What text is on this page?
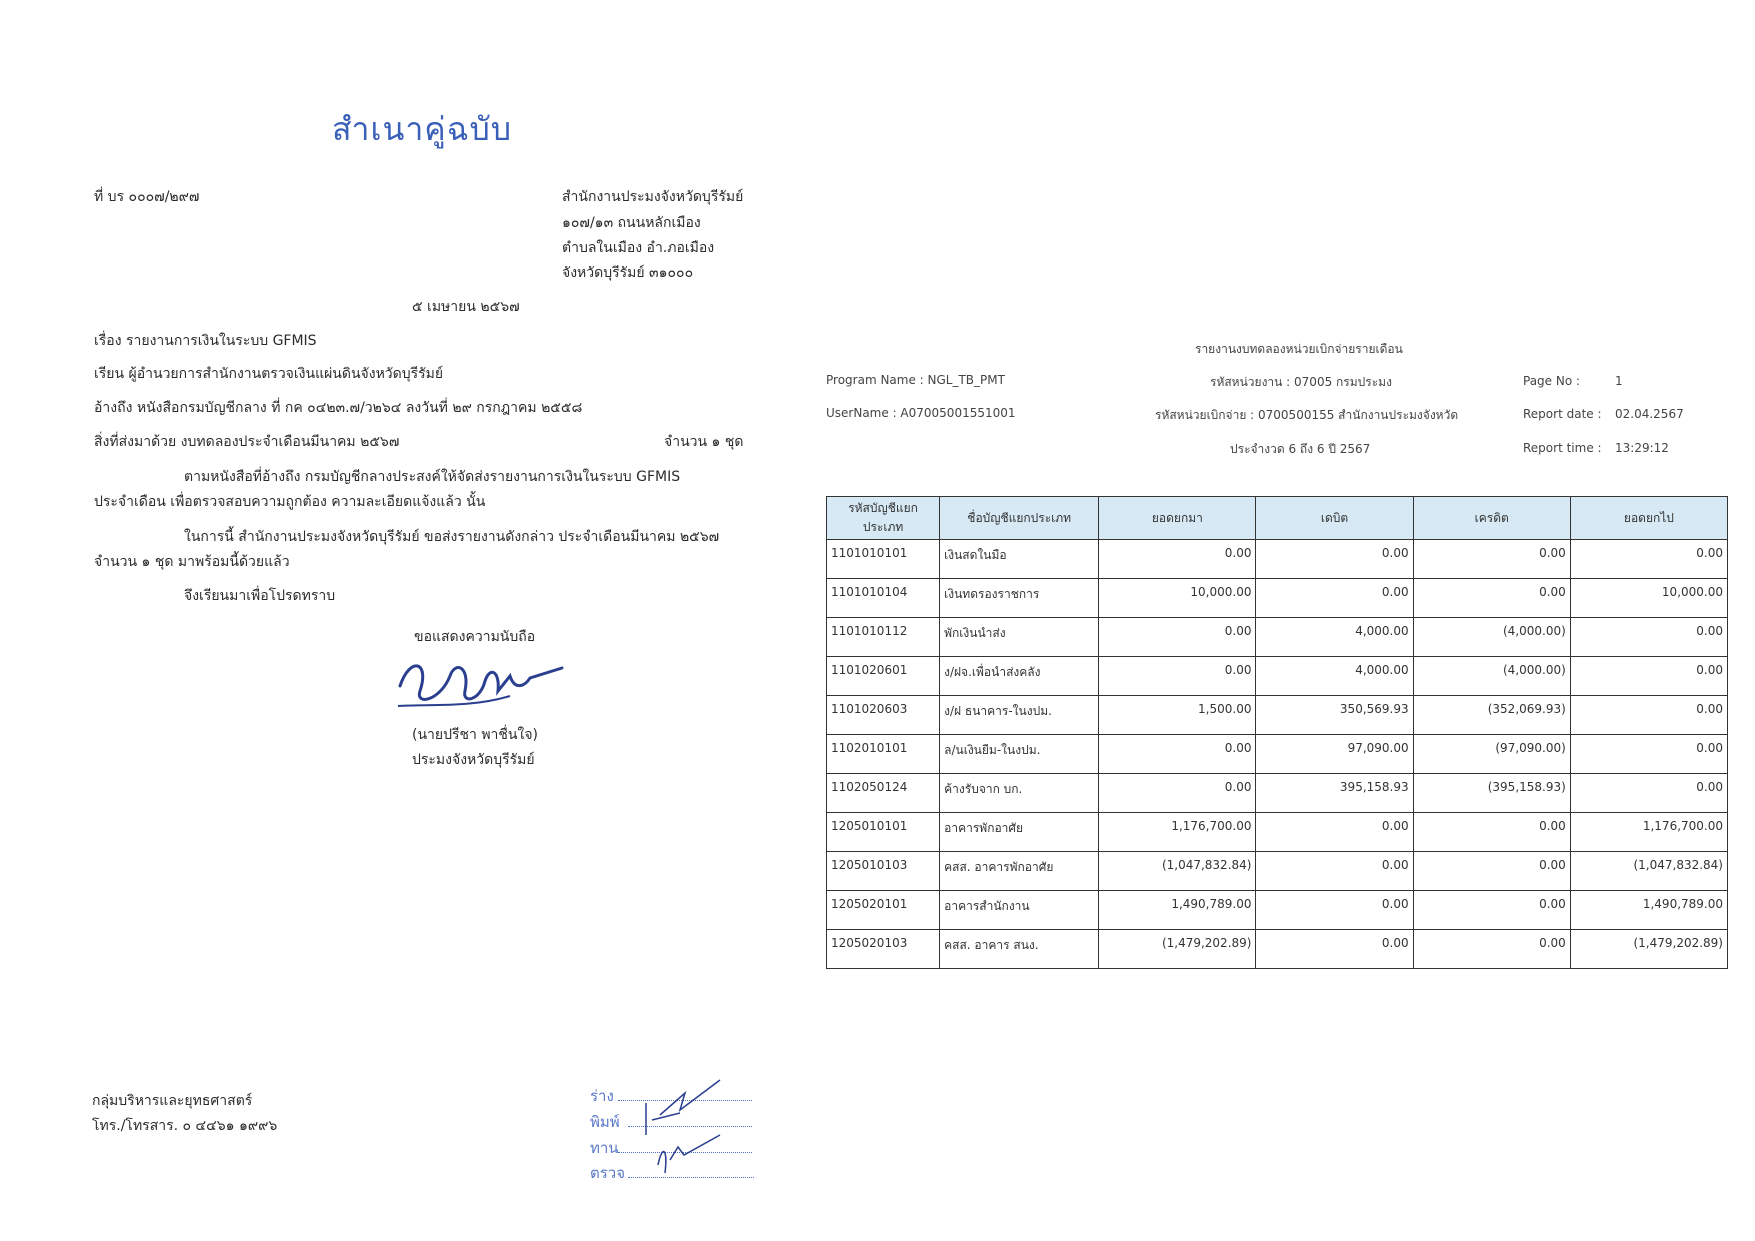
สำเนาคู่ฉบับ
ที่ บร ๐๐๐๗/๒๙๗	สำนักงานประมงจังหวัดบุรีรัมย์
๑๐๗/๑๓ ถนนหลักเมือง
ตำบลในเมือง อำ.ภอเมือง
จังหวัดบุรีรัมย์ ๓๑๐๐๐
๕ เมษายน ๒๕๖๗
เรื่อง รายงานการเงินในระบบ GFMIS
เรียน ผู้อำนวยการสำนักงานตรวจเงินแผ่นดินจังหวัดบุรีรัมย์
อ้างถึง หนังสือกรมบัญชีกลาง ที่ กค ๐๔๒๓.๗/ว๒๖๔ ลงวันที่ ๒๙ กรกฎาคม ๒๕๕๘
สิ่งที่ส่งมาด้วย งบทดลองประจำเดือนมีนาคม ๒๕๖๗	จำนวน ๑ ชุด
ตามหนังสือที่อ้างถึง กรมบัญชีกลางประสงค์ให้จัดส่งรายงานการเงินในระบบ GFMIS
ประจำเดือน เพื่อตรวจสอบความถูกต้อง ความละเอียดแจ้งแล้ว นั้น
ในการนี้ สำนักงานประมงจังหวัดบุรีรัมย์ ขอส่งรายงานดังกล่าว ประจำเดือนมีนาคม ๒๕๖๗
จำนวน ๑ ชุด มาพร้อมนี้ด้วยแล้ว
จึงเรียนมาเพื่อโปรดทราบ
ขอแสดงความนับถือ
(นายปรีชา พาชื่นใจ)
ประมงจังหวัดบุรีรัมย์
กลุ่มบริหารและยุทธศาสตร์
โทร./โทรสาร. ๐ ๔๔๖๑ ๑๙๙๖
ร่าง
พิมพ์
ทาน
ตรวจ
รายงานงบทดลองหน่วยเบิกจ่ายรายเดือน
Program Name : NGL_TB_PMT
UserName : A07005001551001
รหัสหน่วยงาน : 07005 กรมประมง
รหัสหน่วยเบิกจ่าย : 0700500155 สำนักงานประมงจังหวัด
ประจำงวด 6 ถึง 6 ปี 2567
Page No :	1
Report date : 02.04.2567
Report time : 13:29:12
รหัสบัญชีแยกประเภท	ชื่อบัญชีแยกประเภท	ยอดยกมา	เดบิต	เครดิต	ยอดยกไป
1101010101	เงินสดในมือ	0.00	0.00	0.00	0.00
1101010104	เงินทดรองราชการ	10,000.00	0.00	0.00	10,000.00
1101010112	พักเงินนำส่ง	0.00	4,000.00	(4,000.00)	0.00
1101020601	ง/ฝจ.เพื่อนำส่งคลัง	0.00	4,000.00	(4,000.00)	0.00
1101020603	ง/ฝ ธนาคาร-ในงปม.	1,500.00	350,569.93	(352,069.93)	0.00
1102010101	ล/นเงินยืม-ในงปม.	0.00	97,090.00	(97,090.00)	0.00
1102050124	ค้างรับจาก บก.	0.00	395,158.93	(395,158.93)	0.00
1205010101	อาคารพักอาศัย	1,176,700.00	0.00	0.00	1,176,700.00
1205010103	คสส. อาคารพักอาศัย	(1,047,832.84)	0.00	0.00	(1,047,832.84)
1205020101	อาคารสำนักงาน	1,490,789.00	0.00	0.00	1,490,789.00
1205020103	คสส. อาคาร สนง.	(1,479,202.89)	0.00	0.00	(1,479,202.89)
